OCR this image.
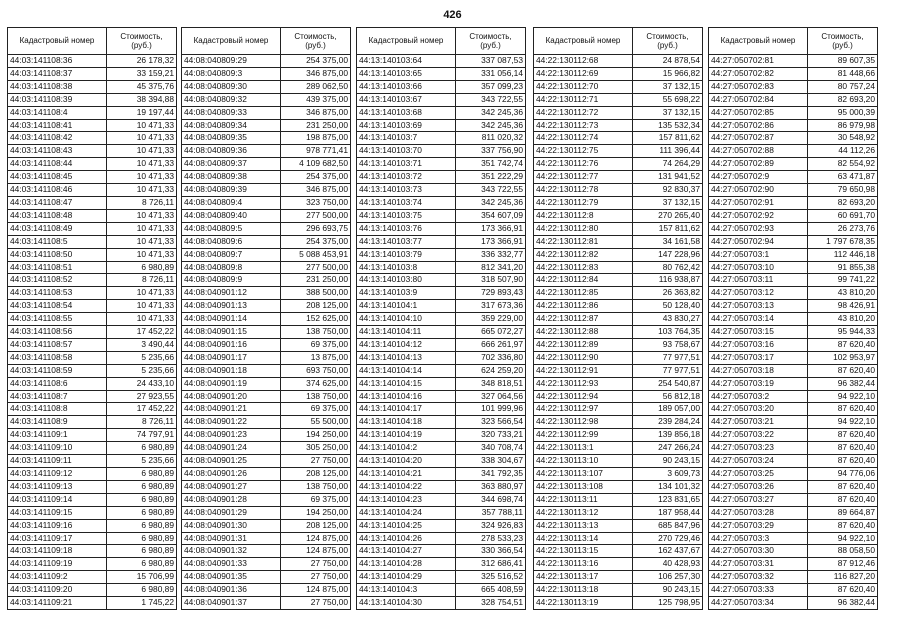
426
Кадастровый номер	Стоимость, (руб.)
44:03:141108:36	26 178,32
44:03:141108:37	33 159,21
44:03:141108:38	45 375,76
44:03:141108:39	38 394,88
44:03:141108:4	19 197,44
44:03:141108:41	10 471,33
44:03:141108:42	10 471,33
44:03:141108:43	10 471,33
44:03:141108:44	10 471,33
44:03:141108:45	10 471,33
44:03:141108:46	10 471,33
44:03:141108:47	8 726,11
44:03:141108:48	10 471,33
44:03:141108:49	10 471,33
44:03:141108:5	10 471,33
44:03:141108:50	10 471,33
44:03:141108:51	6 980,89
44:03:141108:52	8 726,11
44:03:141108:53	10 471,33
44:03:141108:54	10 471,33
44:03:141108:55	10 471,33
44:03:141108:56	17 452,22
44:03:141108:57	3 490,44
44:03:141108:58	5 235,66
44:03:141108:59	5 235,66
44:03:141108:6	24 433,10
44:03:141108:7	27 923,55
44:03:141108:8	17 452,22
44:03:141108:9	8 726,11
44:03:141109:1	74 797,91
44:03:141109:10	6 980,89
44:03:141109:11	5 235,66
44:03:141109:12	6 980,89
44:03:141109:13	6 980,89
44:03:141109:14	6 980,89
44:03:141109:15	6 980,89
44:03:141109:16	6 980,89
44:03:141109:17	6 980,89
44:03:141109:18	6 980,89
44:03:141109:19	6 980,89
44:03:141109:2	15 706,99
44:03:141109:20	6 980,89
44:03:141109:21	1 745,22
Кадастровый номер	Стоимость, (руб.)
44:08:040809:29	254 375,00
44:08:040809:3	346 875,00
44:08:040809:30	289 062,50
44:08:040809:32	439 375,00
44:08:040809:33	346 875,00
44:08:040809:34	231 250,00
44:08:040809:35	198 875,00
44:08:040809:36	978 771,41
44:08:040809:37	4 109 682,50
44:08:040809:38	254 375,00
44:08:040809:39	346 875,00
44:08:040809:4	323 750,00
44:08:040809:40	277 500,00
44:08:040809:5	296 693,75
44:08:040809:6	254 375,00
44:08:040809:7	5 088 453,91
44:08:040809:8	277 500,00
44:08:040809:9	231 250,00
44:08:040901:12	388 500,00
44:08:040901:13	208 125,00
44:08:040901:14	152 625,00
44:08:040901:15	138 750,00
44:08:040901:16	69 375,00
44:08:040901:17	13 875,00
44:08:040901:18	693 750,00
44:08:040901:19	374 625,00
44:08:040901:20	138 750,00
44:08:040901:21	69 375,00
44:08:040901:22	55 500,00
44:08:040901:23	194 250,00
44:08:040901:24	305 250,00
44:08:040901:25	27 750,00
44:08:040901:26	208 125,00
44:08:040901:27	138 750,00
44:08:040901:28	69 375,00
44:08:040901:29	194 250,00
44:08:040901:30	208 125,00
44:08:040901:31	124 875,00
44:08:040901:32	124 875,00
44:08:040901:33	27 750,00
44:08:040901:35	27 750,00
44:08:040901:36	124 875,00
44:08:040901:37	27 750,00
Кадастровый номер	Стоимость, (руб.)
44:13:140103:64	337 087,53
44:13:140103:65	331 056,14
44:13:140103:66	357 099,23
44:13:140103:67	343 722,55
44:13:140103:68	342 245,36
44:13:140103:69	342 245,36
44:13:140103:7	811 020,32
44:13:140103:70	337 756,90
44:13:140103:71	351 742,74
44:13:140103:72	351 222,29
44:13:140103:73	343 722,55
44:13:140103:74	342 245,36
44:13:140103:75	354 607,09
44:13:140103:76	173 366,91
44:13:140103:77	173 366,91
44:13:140103:79	336 332,77
44:13:140103:8	812 341,20
44:13:140103:80	318 507,90
44:13:140103:9	729 893,43
44:13:140104:1	317 673,36
44:13:140104:10	359 229,00
44:13:140104:11	665 072,27
44:13:140104:12	666 261,97
44:13:140104:13	702 336,80
44:13:140104:14	624 259,20
44:13:140104:15	348 818,51
44:13:140104:16	327 064,56
44:13:140104:17	101 999,96
44:13:140104:18	323 566,54
44:13:140104:19	320 733,21
44:13:140104:2	340 708,74
44:13:140104:20	338 304,67
44:13:140104:21	341 792,35
44:13:140104:22	363 880,97
44:13:140104:23	344 698,74
44:13:140104:24	357 788,11
44:13:140104:25	324 926,83
44:13:140104:26	278 533,23
44:13:140104:27	330 366,54
44:13:140104:28	312 686,41
44:13:140104:29	325 516,52
44:13:140104:3	665 408,59
44:13:140104:30	328 754,51
Кадастровый номер	Стоимость, (руб.)
44:22:130112:68	24 878,54
44:22:130112:69	15 966,82
44:22:130112:70	37 132,15
44:22:130112:71	55 698,22
44:22:130112:72	37 132,15
44:22:130112:73	135 532,34
44:22:130112:74	157 811,62
44:22:130112:75	111 396,44
44:22:130112:76	74 264,29
44:22:130112:77	131 941,52
44:22:130112:78	92 830,37
44:22:130112:79	37 132,15
44:22:130112:8	270 265,40
44:22:130112:80	157 811,62
44:22:130112:81	34 161,58
44:22:130112:82	147 228,96
44:22:130112:83	80 762,42
44:22:130112:84	116 938,87
44:22:130112:85	26 363,82
44:22:130112:86	50 128,40
44:22:130112:87	43 830,27
44:22:130112:88	103 764,35
44:22:130112:89	93 758,67
44:22:130112:90	77 977,51
44:22:130112:91	77 977,51
44:22:130112:93	254 540,87
44:22:130112:94	56 812,18
44:22:130112:97	189 057,00
44:22:130112:98	239 284,24
44:22:130112:99	139 856,18
44:22:130113:1	247 266,24
44:22:130113:10	90 243,15
44:22:130113:107	3 609,73
44:22:130113:108	134 101,32
44:22:130113:11	123 831,65
44:22:130113:12	187 958,44
44:22:130113:13	685 847,96
44:22:130113:14	270 729,46
44:22:130113:15	162 437,67
44:22:130113:16	40 428,93
44:22:130113:17	106 257,30
44:22:130113:18	90 243,15
44:22:130113:19	125 798,95
Кадастровый номер	Стоимость, (руб.)
44:27:050702:81	89 607,35
44:27:050702:82	81 448,66
44:27:050702:83	80 757,24
44:27:050702:84	82 693,20
44:27:050702:85	95 000,39
44:27:050702:86	86 979,98
44:27:050702:87	30 548,92
44:27:050702:88	44 112,26
44:27:050702:89	82 554,92
44:27:050702:9	63 471,87
44:27:050702:90	79 650,98
44:27:050702:91	82 693,20
44:27:050702:92	60 691,70
44:27:050702:93	26 273,76
44:27:050702:94	1 797 678,35
44:27:050703:1	112 446,18
44:27:050703:10	91 855,38
44:27:050703:11	99 741,22
44:27:050703:12	43 810,20
44:27:050703:13	98 426,91
44:27:050703:14	43 810,20
44:27:050703:15	95 944,33
44:27:050703:16	87 620,40
44:27:050703:17	102 953,97
44:27:050703:18	87 620,40
44:27:050703:19	96 382,44
44:27:050703:2	94 922,10
44:27:050703:20	87 620,40
44:27:050703:21	94 922,10
44:27:050703:22	87 620,40
44:27:050703:23	87 620,40
44:27:050703:24	87 620,40
44:27:050703:25	94 776,06
44:27:050703:26	87 620,40
44:27:050703:27	87 620,40
44:27:050703:28	89 664,87
44:27:050703:29	87 620,40
44:27:050703:3	94 922,10
44:27:050703:30	88 058,50
44:27:050703:31	87 912,46
44:27:050703:32	116 827,20
44:27:050703:33	87 620,40
44:27:050703:34	96 382,44
